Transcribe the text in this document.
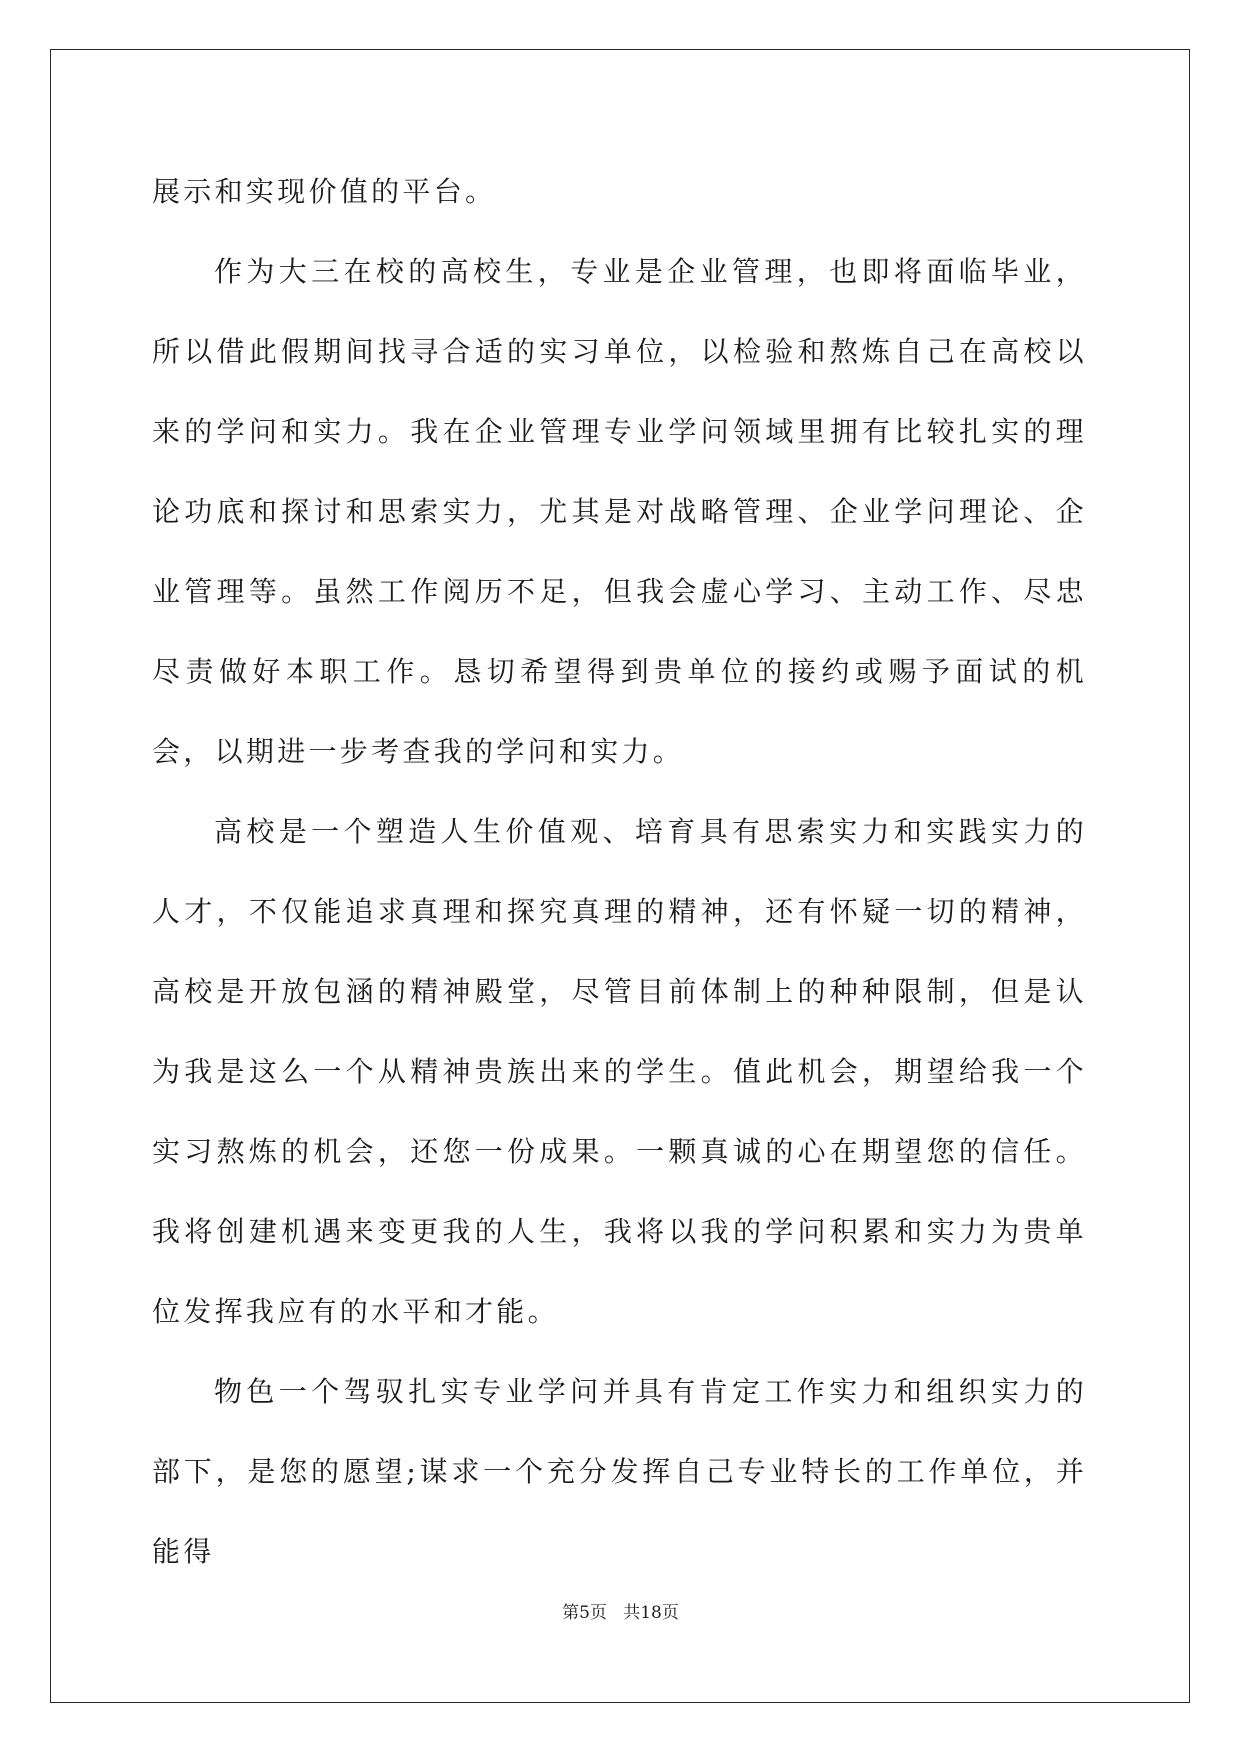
展示和实现价值的平台。

作为大三在校的高校生，专业是企业管理，也即将面临毕业，所以借此假期间找寻合适的实习单位，以检验和熬炼自己在高校以来的学问和实力。我在企业管理专业学问领域里拥有比较扎实的理论功底和探讨和思索实力，尤其是对战略管理、企业学问理论、企业管理等。虽然工作阅历不足，但我会虚心学习、主动工作、尽忠尽责做好本职工作。恳切希望得到贵单位的接约或赐予面试的机会，以期进一步考查我的学问和实力。

高校是一个塑造人生价值观、培育具有思索实力和实践实力的人才，不仅能追求真理和探究真理的精神，还有怀疑一切的精神，高校是开放包涵的精神殿堂，尽管目前体制上的种种限制，但是认为我是这么一个从精神贵族出来的学生。值此机会，期望给我一个实习熬炼的机会，还您一份成果。一颗真诚的心在期望您的信任。我将创建机遇来变更我的人生，我将以我的学问积累和实力为贵单位发挥我应有的水平和才能。

物色一个驾驭扎实专业学问并具有肯定工作实力和组织实力的部下，是您的愿望;谋求一个充分发挥自己专业特长的工作单位，并能得

第5页 共18页
